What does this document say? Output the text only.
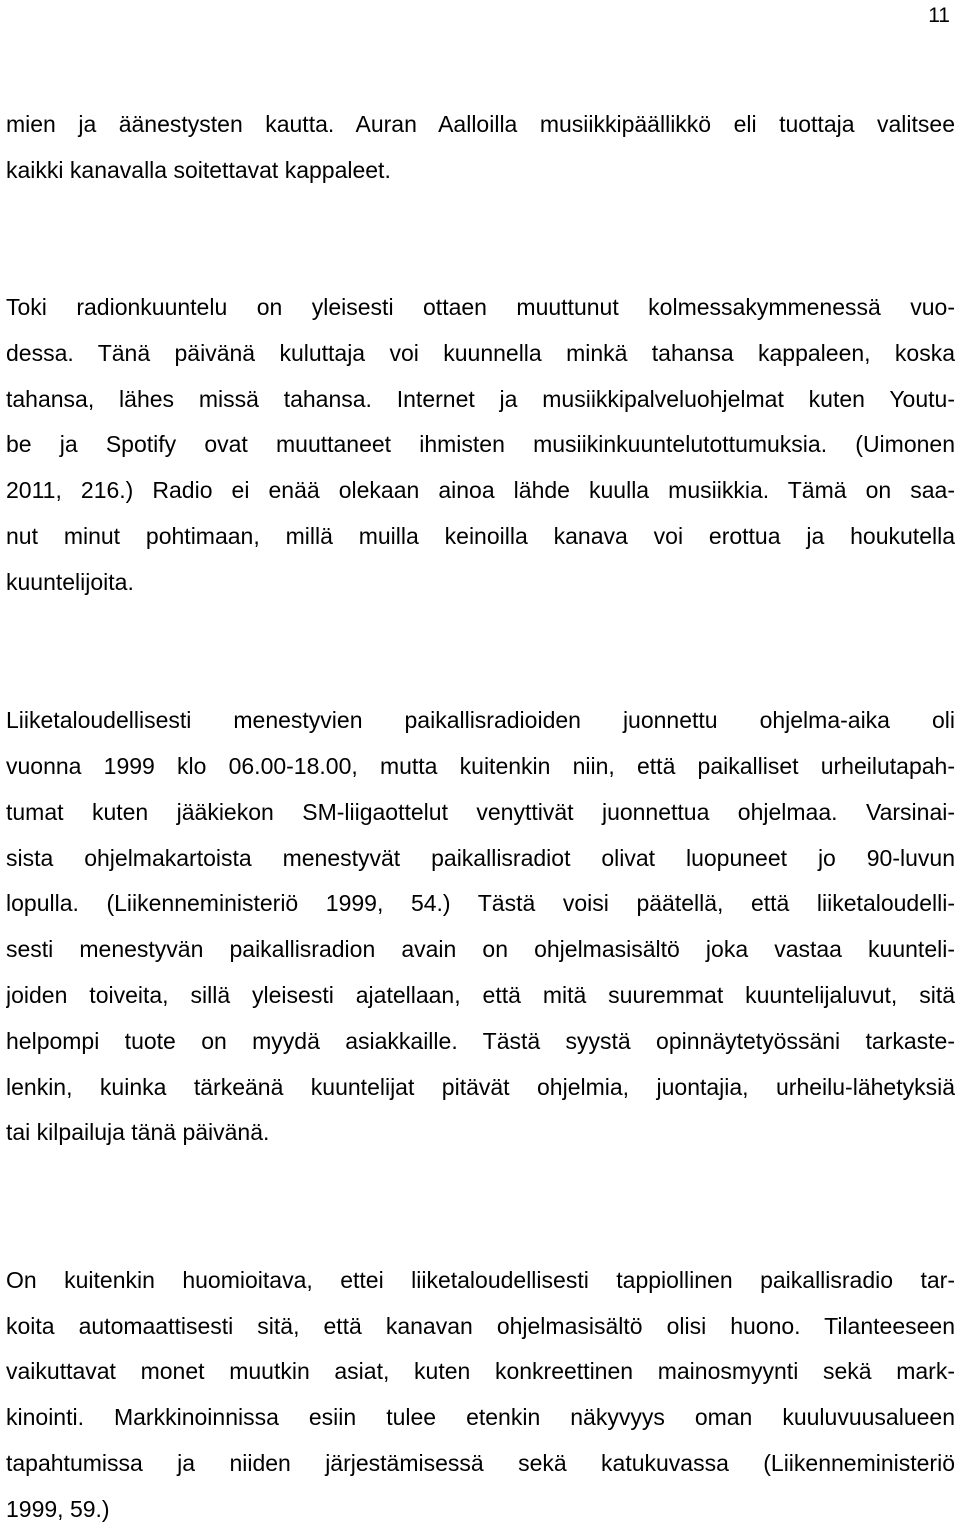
11
mien ja äänestysten kautta. Auran Aalloilla musiikkipäällikkö eli tuottaja valitsee
kaikki kanavalla soitettavat kappaleet.
Toki radionkuuntelu on yleisesti ottaen muuttunut kolmessakymmenessä vuo-
dessa. Tänä päivänä kuluttaja voi kuunnella minkä tahansa kappaleen, koska
tahansa, lähes missä tahansa. Internet ja musiikkipalveluohjelmat kuten Youtu-
be ja Spotify ovat muuttaneet ihmisten musiikinkuuntelutottumuksia. (Uimonen
2011, 216.) Radio ei enää olekaan ainoa lähde kuulla musiikkia. Tämä on saa-
nut minut pohtimaan, millä muilla keinoilla kanava voi erottua ja houkutella
kuuntelijoita.
Liiketaloudellisesti menestyvien paikallisradioiden juonnettu ohjelma-aika oli
vuonna 1999 klo 06.00-18.00, mutta kuitenkin niin, että paikalliset urheilutapah-
tumat kuten jääkiekon SM-liigaottelut venyttivät juonnettua ohjelmaa. Varsinai-
sista ohjelmakartoista menestyvät paikallisradiot olivat luopuneet jo 90-luvun
lopulla. (Liikenneministeriö 1999, 54.) Tästä voisi päätellä, että liiketaloudelli-
sesti menestyvän paikallisradion avain on ohjelmasisältö joka vastaa kuunteli-
joiden toiveita, sillä yleisesti ajatellaan, että mitä suuremmat kuuntelijaluvut, sitä
helpompi tuote on myydä asiakkaille. Tästä syystä opinnäytetyössäni tarkaste-
lenkin, kuinka tärkeänä kuuntelijat pitävät ohjelmia, juontajia, urheilu-lähetyksiä
tai kilpailuja tänä päivänä.
On kuitenkin huomioitava, ettei liiketaloudellisesti tappiollinen paikallisradio tar-
koita automaattisesti sitä, että kanavan ohjelmasisältö olisi huono. Tilanteeseen
vaikuttavat monet muutkin asiat, kuten konkreettinen mainosmyynti sekä mark-
kinointi. Markkinoinnissa esiin tulee etenkin näkyvyys oman kuuluvuusalueen
tapahtumissa ja niiden järjestämisessä sekä katukuvassa (Liikenneministeriö
1999, 59.)
